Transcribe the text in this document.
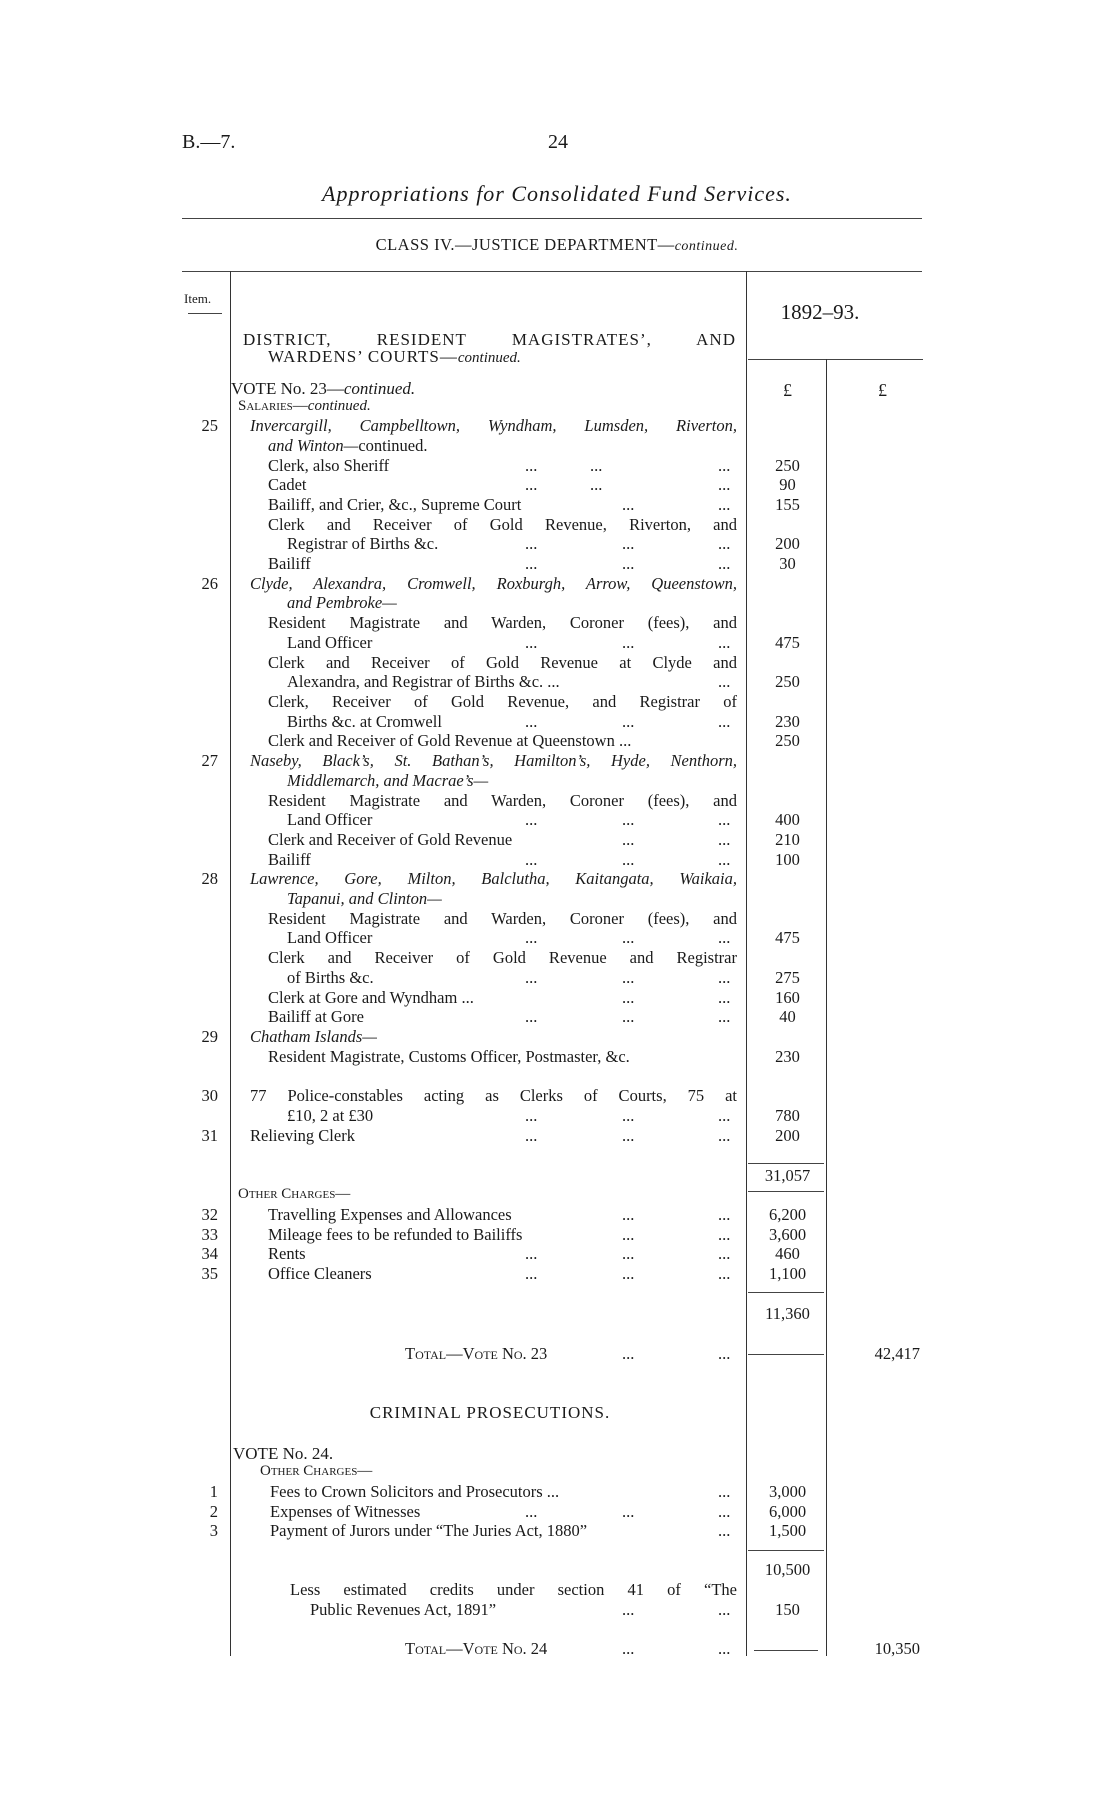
B.—7.	24
Appropriations for Consolidated Fund Services.
CLASS IV.—JUSTICE DEPARTMENT—continued.
Item.
1892–93.
DISTRICT, RESIDENT MAGISTRATES’, AND
WARDENS’ COURTS—continued.
VOTE No. 23—continued.	£	£
Salaries—continued.
25 Invercargill, Campbelltown, Wyndham, Lumsden, Riverton,
and Winton—continued.
Clerk, also Sheriff	...	...	...	250
Cadet	...	...	...	90
Bailiff, and Crier, &c., Supreme Court	...	...	155
Clerk and Receiver of Gold Revenue, Riverton, and
Registrar of Births &c.	...	...	...	200
Bailiff	...	...	...	30
26 Clyde, Alexandra, Cromwell, Roxburgh, Arrow, Queenstown,
and Pembroke—
Resident Magistrate and Warden, Coroner (fees), and
Land Officer	...	...	...	475
Clerk and Receiver of Gold Revenue at Clyde and
Alexandra, and Registrar of Births &c. ...	...	250
Clerk, Receiver of Gold Revenue, and Registrar of
Births &c. at Cromwell	...	...	...	230
Clerk and Receiver of Gold Revenue at Queenstown ...	250
27 Naseby, Black’s, St. Bathan’s, Hamilton’s, Hyde, Nenthorn,
Middlemarch, and Macrae’s—
Resident Magistrate and Warden, Coroner (fees), and
Land Officer	...	...	...	400
Clerk and Receiver of Gold Revenue	...	...	210
Bailiff	...	...	...	100
28 Lawrence, Gore, Milton, Balclutha, Kaitangata, Waikaia,
Tapanui, and Clinton—
Resident Magistrate and Warden, Coroner (fees), and
Land Officer	...	...	...	475
Clerk and Receiver of Gold Revenue and Registrar
of Births &c.	...	...	...	275
Clerk at Gore and Wyndham ...	...	...	160
Bailiff at Gore	...	...	...	40
29 Chatham Islands—
Resident Magistrate, Customs Officer, Postmaster, &c.	230
30 77 Police-constables acting as Clerks of Courts, 75 at
£10, 2 at £30	...	...	...	780
31 Relieving Clerk	...	...	...	200
31,057
Other Charges—
32	Travelling Expenses and Allowances	...	...	6,200
33	Mileage fees to be refunded to Bailiffs	...	...	3,600
34	Rents	...	...	...	460
35	Office Cleaners	...	...	...	1,100
11,360
Total—Vote No. 23	...	...	42,417
CRIMINAL PROSECUTIONS.
VOTE No. 24.
Other Charges—
1	Fees to Crown Solicitors and Prosecutors ...	...	3,000
2	Expenses of Witnesses	...	...	...	6,000
3	Payment of Jurors under “The Juries Act, 1880”	...	1,500
10,500
Less estimated credits under section 41 of “The
Public Revenues Act, 1891”	...	...	150
Total—Vote No. 24	...	...	10,350
